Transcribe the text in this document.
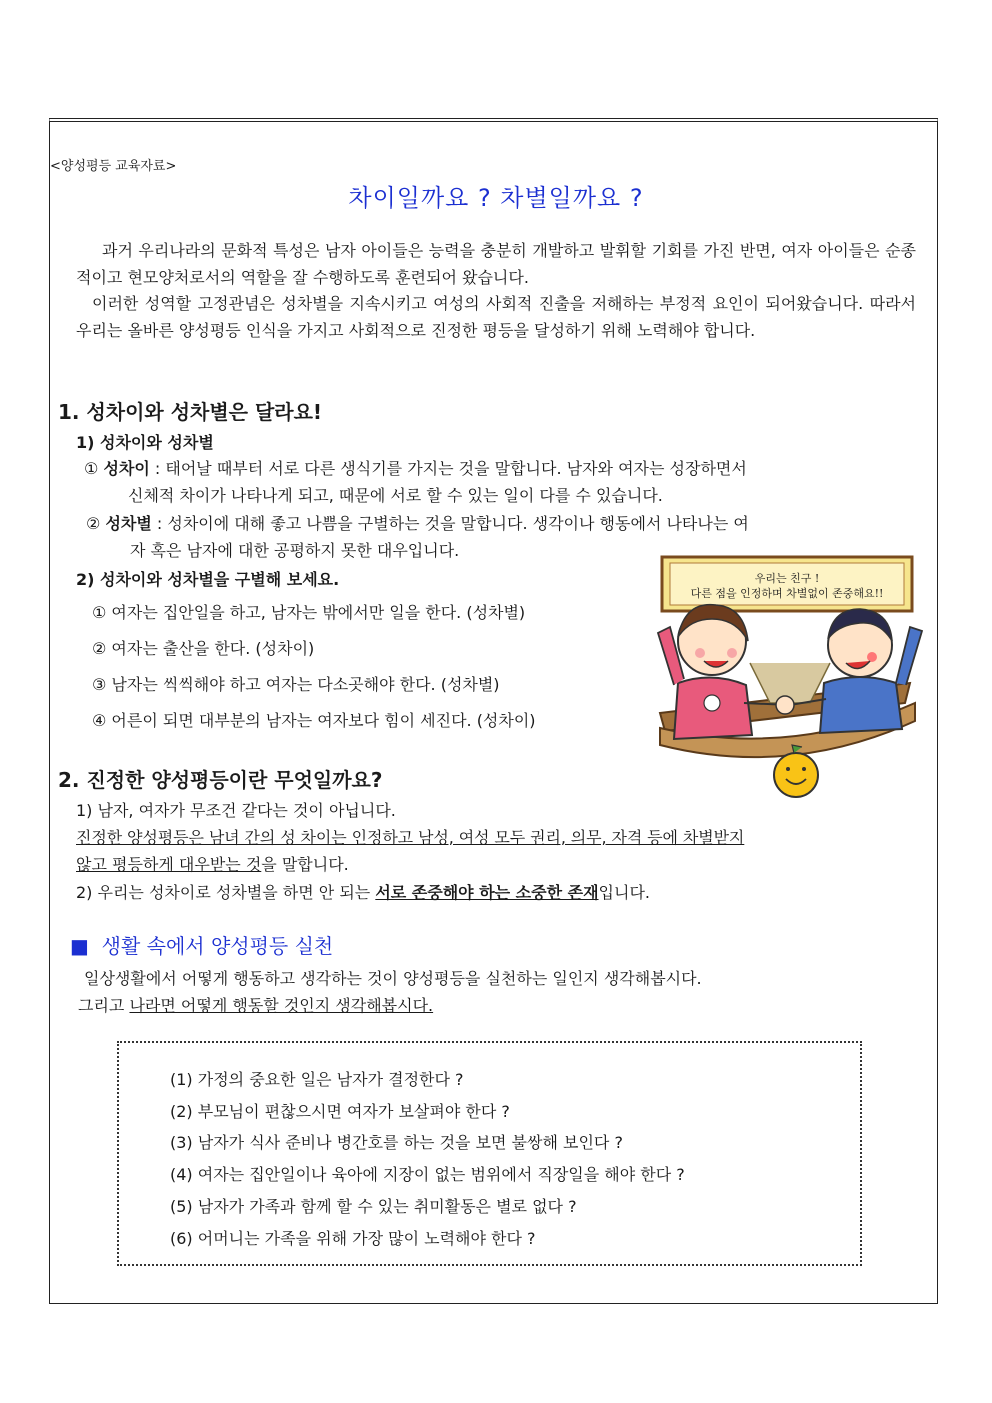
<양성평등 교육자료>
차이일까요 ? 차별일까요 ?

과거 우리나라의 문화적 특성은 남자 아이들은 능력을 충분히 개발하고 발휘할 기회를 가진 반면, 여자 아이들은 순종적이고 현모양처로서의 역할을 잘 수행하도록 훈련되어 왔습니다.

이러한 성역할 고정관념은 성차별을 지속시키고 여성의 사회적 진출을 저해하는 부정적 요인이 되어왔습니다. 따라서 우리는 올바른 양성평등 인식을 가지고 사회적으로 진정한 평등을 달성하기 위해 노력해야 합니다.

1. 성차이와 성차별은 달라요!
1) 성차이와 성차별
① 성차이 : 태어날 때부터 서로 다른 생식기를 가지는 것을 말합니다. 남자와 여자는 성장하면서
신체적 차이가 나타나게 되고, 때문에 서로 할 수 있는 일이 다를 수 있습니다.
② 성차별 : 성차이에 대해 좋고 나쁨을 구별하는 것을 말합니다. 생각이나 행동에서 나타나는 여
자 혹은 남자에 대한 공평하지 못한 대우입니다.
2) 성차이와 성차별을 구별해 보세요.
① 여자는 집안일을 하고, 남자는 밖에서만 일을 한다. (성차별)
② 여자는 출산을 한다. (성차이)
③ 남자는 씩씩해야 하고 여자는 다소곳해야 한다. (성차별)
④ 어른이 되면 대부분의 남자는 여자보다 힘이 세진다. (성차이)
우리는 친구 !
다른 점을 인정하며 차별없이 존중해요!!
2. 진정한 양성평등이란 무엇일까요?
1) 남자, 여자가 무조건 같다는 것이 아닙니다.
진정한 양성평등은 남녀 간의 성 차이는 인정하고 남성, 여성 모두 권리, 의무, 자격 등에 차별받지
않고 평등하게 대우받는 것을 말합니다.
2) 우리는 성차이로 성차별을 하면 안 되는 서로 존중해야 하는 소중한 존재입니다.
■ 생활 속에서 양성평등 실천
일상생활에서 어떻게 행동하고 생각하는 것이 양성평등을 실천하는 일인지 생각해봅시다.
그리고 나라면 어떻게 행동할 것인지 생각해봅시다.
(1) 가정의 중요한 일은 남자가 결정한다 ?
(2) 부모님이 편찮으시면 여자가 보살펴야 한다 ?
(3) 남자가 식사 준비나 병간호를 하는 것을 보면 불쌍해 보인다 ?
(4) 여자는 집안일이나 육아에 지장이 없는 범위에서 직장일을 해야 한다 ?
(5) 남자가 가족과 함께 할 수 있는 취미활동은 별로 없다 ?
(6) 어머니는 가족을 위해 가장 많이 노력해야 한다 ?
